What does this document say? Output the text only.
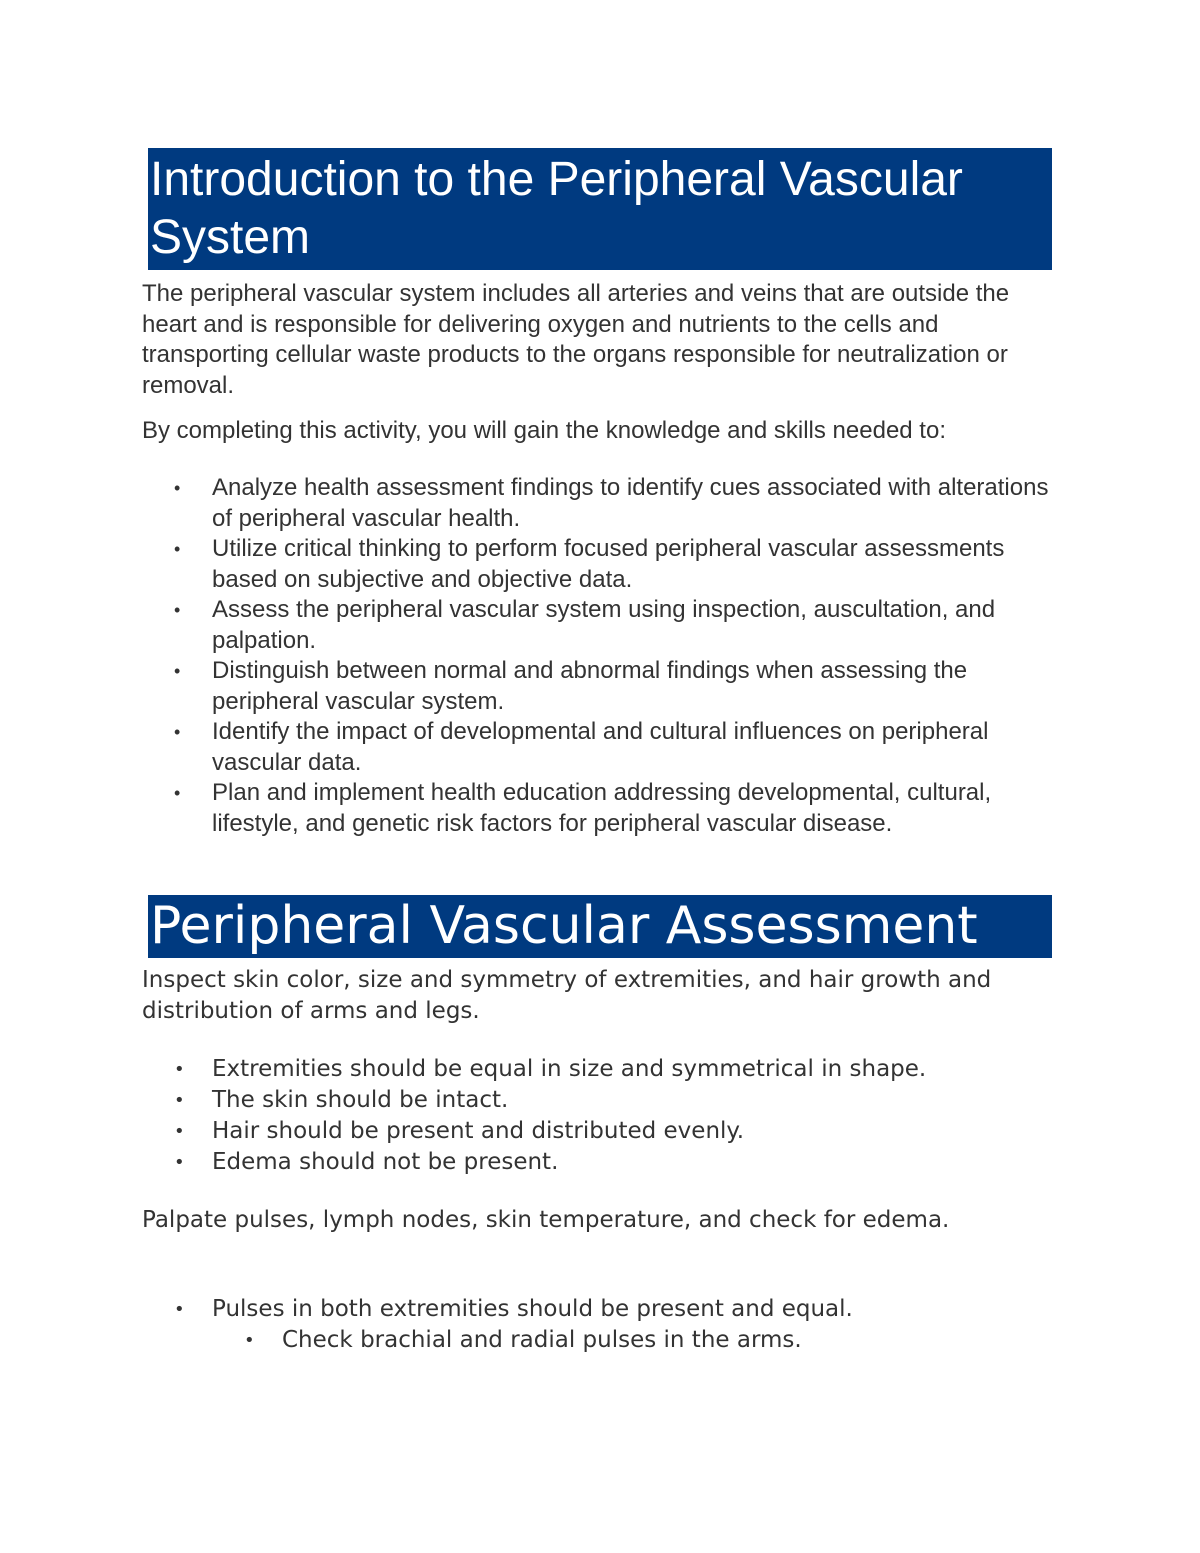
Introduction to the Peripheral Vascular System

The peripheral vascular system includes all arteries and veins that are outside the heart and is responsible for delivering oxygen and nutrients to the cells and transporting cellular waste products to the organs responsible for neutralization or removal.

By completing this activity, you will gain the knowledge and skills needed to:

• Analyze health assessment findings to identify cues associated with alterations of peripheral vascular health.
• Utilize critical thinking to perform focused peripheral vascular assessments based on subjective and objective data.
• Assess the peripheral vascular system using inspection, auscultation, and palpation.
• Distinguish between normal and abnormal findings when assessing the peripheral vascular system.
• Identify the impact of developmental and cultural influences on peripheral vascular data.
• Plan and implement health education addressing developmental, cultural, lifestyle, and genetic risk factors for peripheral vascular disease.
Peripheral Vascular Assessment

Inspect skin color, size and symmetry of extremities, and hair growth and distribution of arms and legs.

• Extremities should be equal in size and symmetrical in shape.
• The skin should be intact.
• Hair should be present and distributed evenly.
• Edema should not be present.

Palpate pulses, lymph nodes, skin temperature, and check for edema.

• Pulses in both extremities should be present and equal.
• Check brachial and radial pulses in the arms.
